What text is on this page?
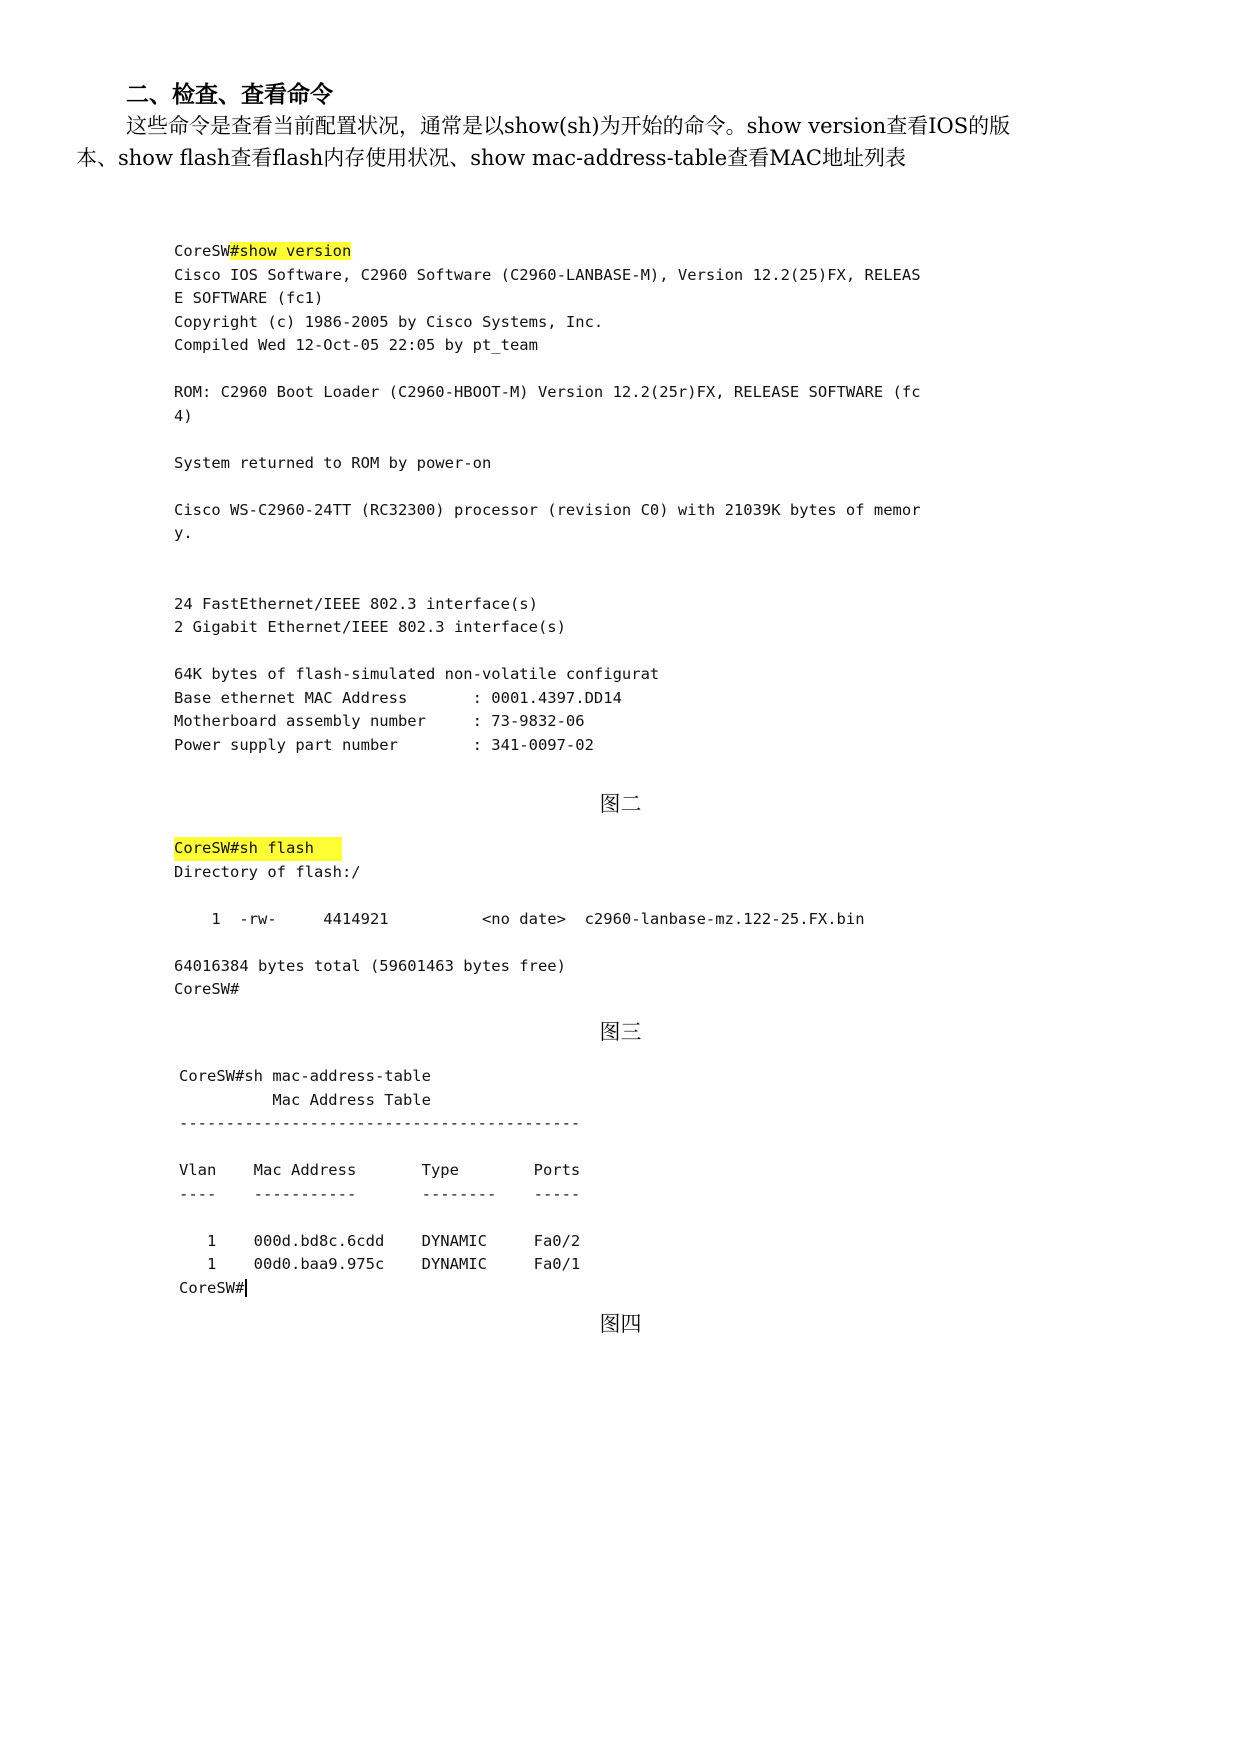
二、检查、查看命令

这些命令是查看当前配置状况，通常是以show(sh)为开始的命令。show version查看IOS的版本、show flash查看flash内存使用状况、show mac-address-table查看MAC地址列表

CoreSW#show version
Cisco IOS Software, C2960 Software (C2960-LANBASE-M), Version 12.2(25)FX, RELEAS
E SOFTWARE (fc1)
Copyright (c) 1986-2005 by Cisco Systems, Inc.
Compiled Wed 12-Oct-05 22:05 by pt_team

ROM: C2960 Boot Loader (C2960-HBOOT-M) Version 12.2(25r)FX, RELEASE SOFTWARE (fc
4)

System returned to ROM by power-on

Cisco WS-C2960-24TT (RC32300) processor (revision C0) with 21039K bytes of memor
y.

24 FastEthernet/IEEE 802.3 interface(s)
2 Gigabit Ethernet/IEEE 802.3 interface(s)

64K bytes of flash-simulated non-volatile configurat
Base ethernet MAC Address       : 0001.4397.DD14
Motherboard assembly number     : 73-9832-06
Power supply part number        : 341-0097-02

图二

CoreSW#sh flash
Directory of flash:/

1  -rw-     4414921          <no date>  c2960-lanbase-mz.122-25.FX.bin

64016384 bytes total (59601463 bytes free)
CoreSW#

图三

CoreSW#sh mac-address-table
Mac Address Table
-------------------------------------------

Vlan    Mac Address       Type        Ports
----    -----------       --------    -----

1    000d.bd8c.6cdd    DYNAMIC     Fa0/2
1    00d0.baa9.975c    DYNAMIC     Fa0/1
CoreSW#

图四
